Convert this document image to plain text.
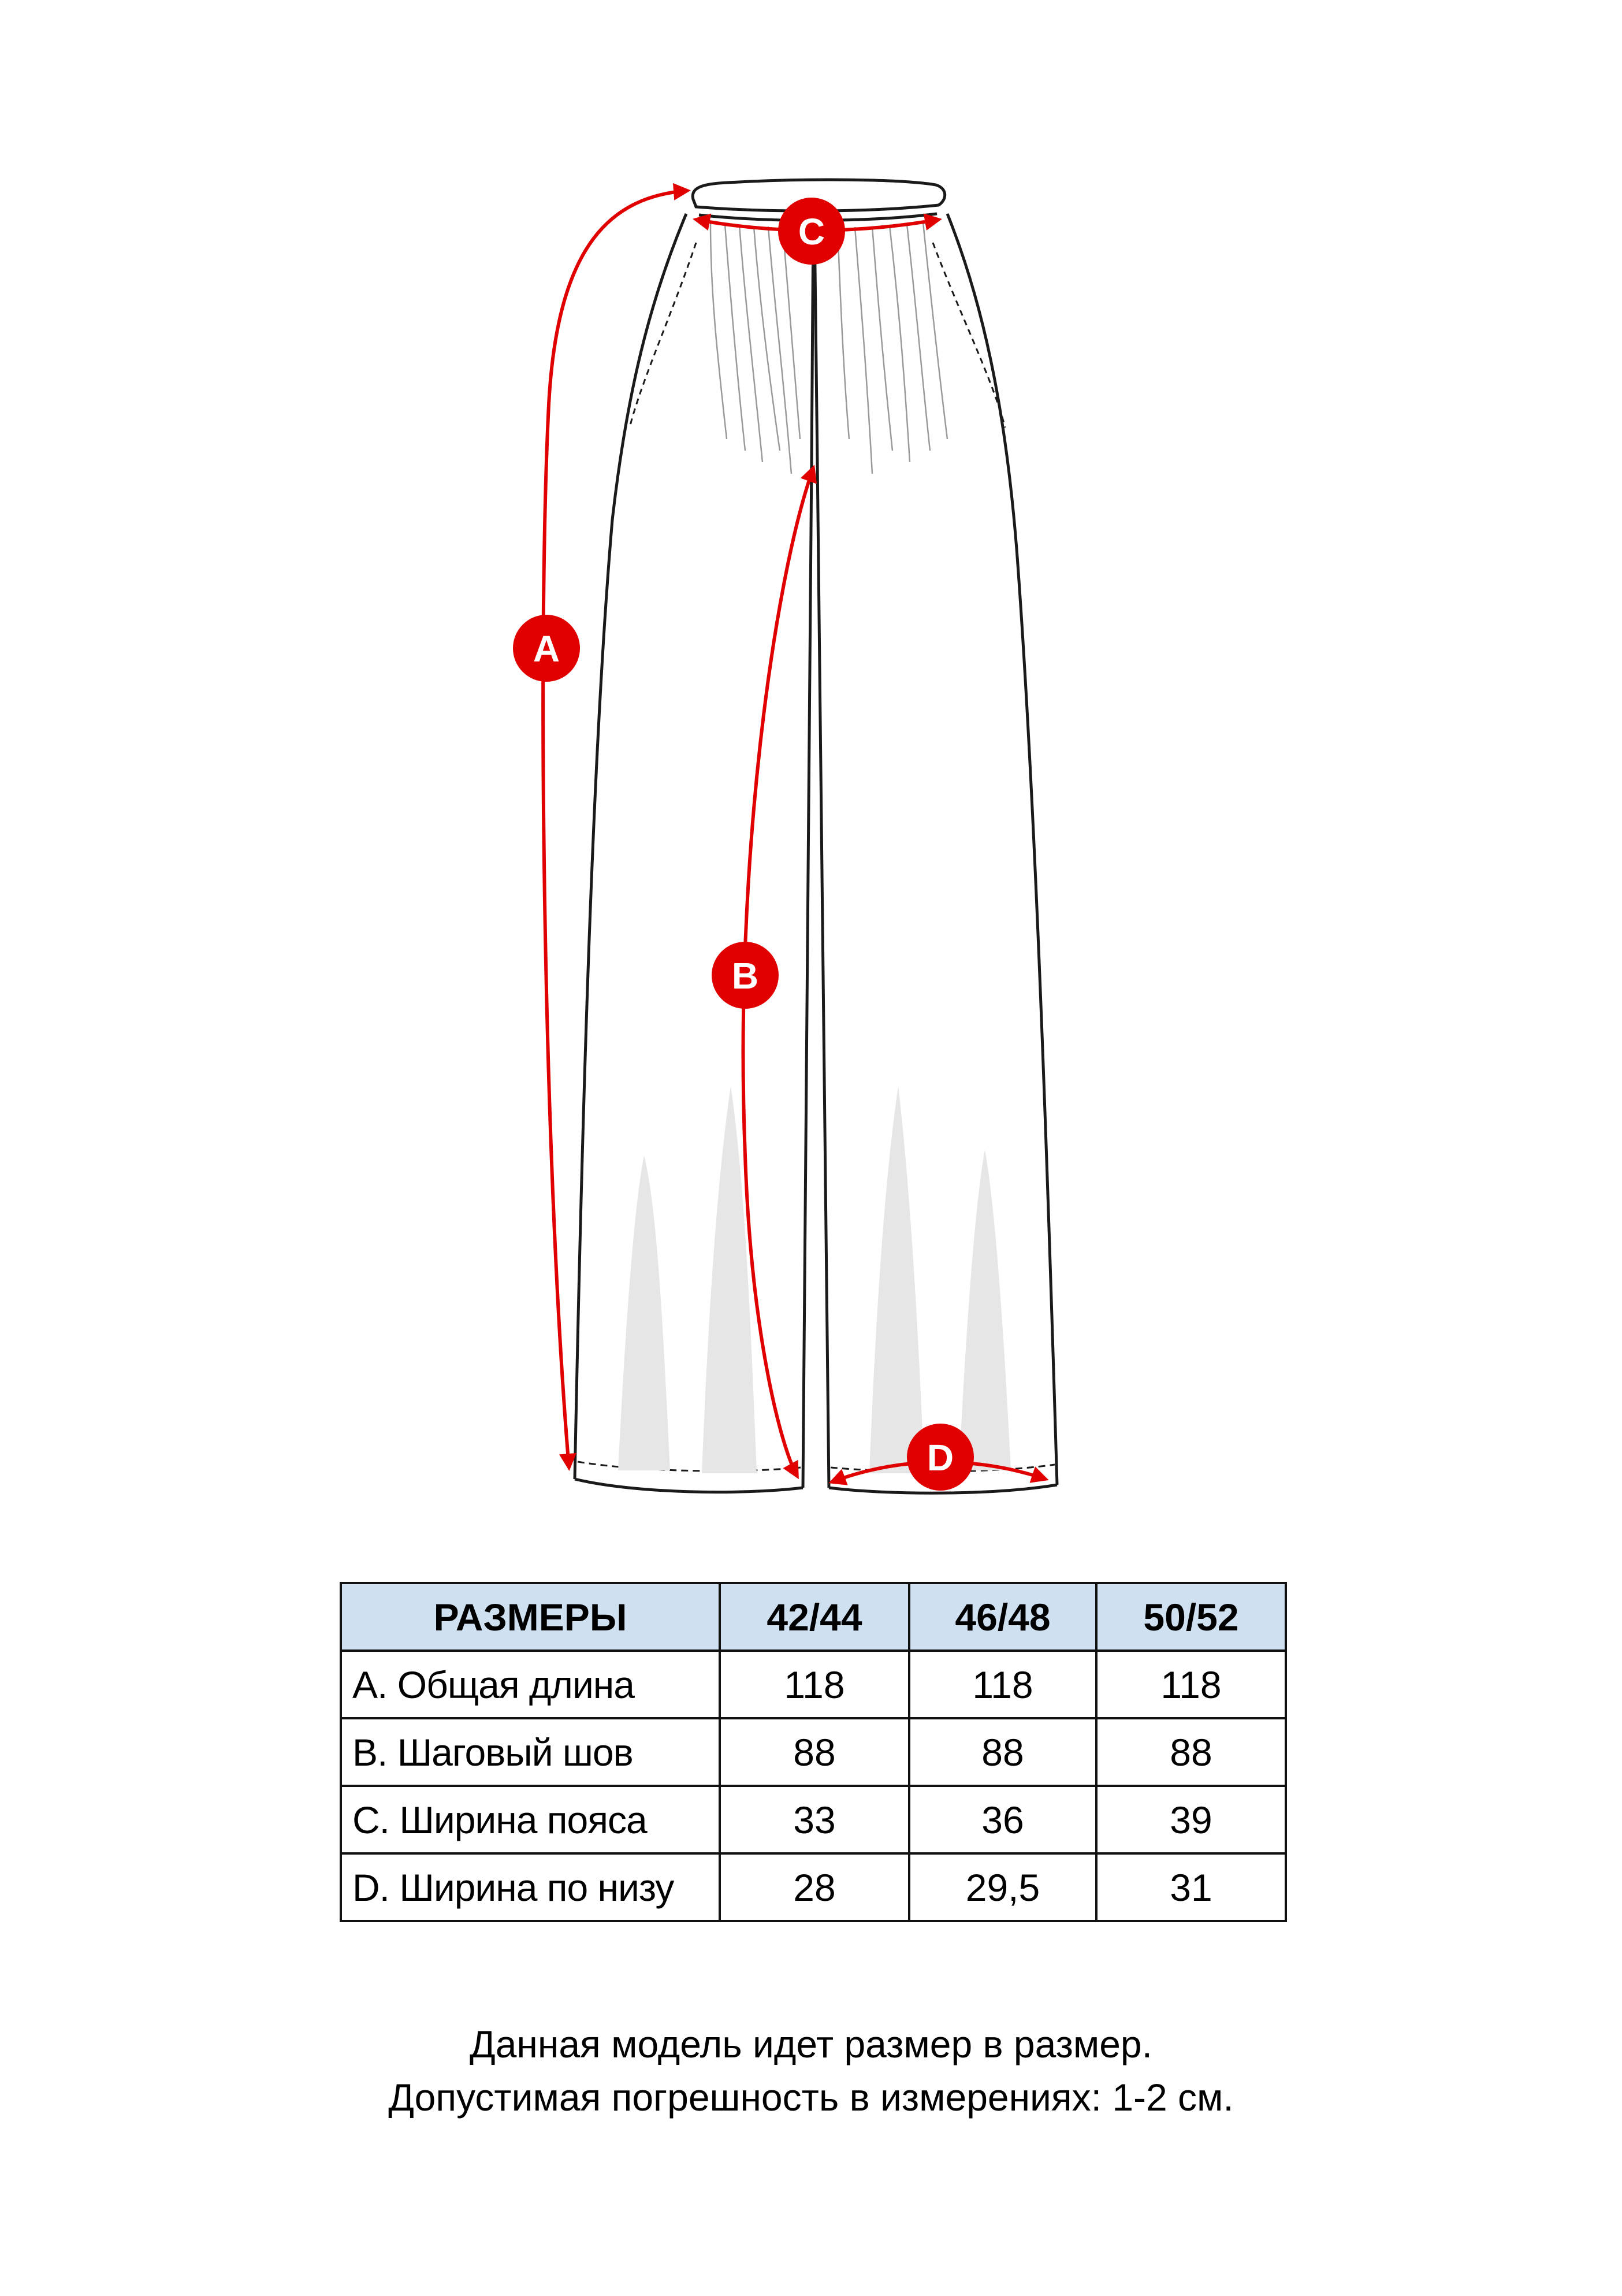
A
B
C
D
РАЗМЕРЫ	42/44	46/48	50/52
A. Общая длина	118	118	118
B. Шаговый шов	88	88	88
C. Ширина пояса	33	36	39
D. Ширина по низу	28	29,5	31
Данная модель идет размер в размер.
Допустимая погрешность в измерениях: 1-2 см.
